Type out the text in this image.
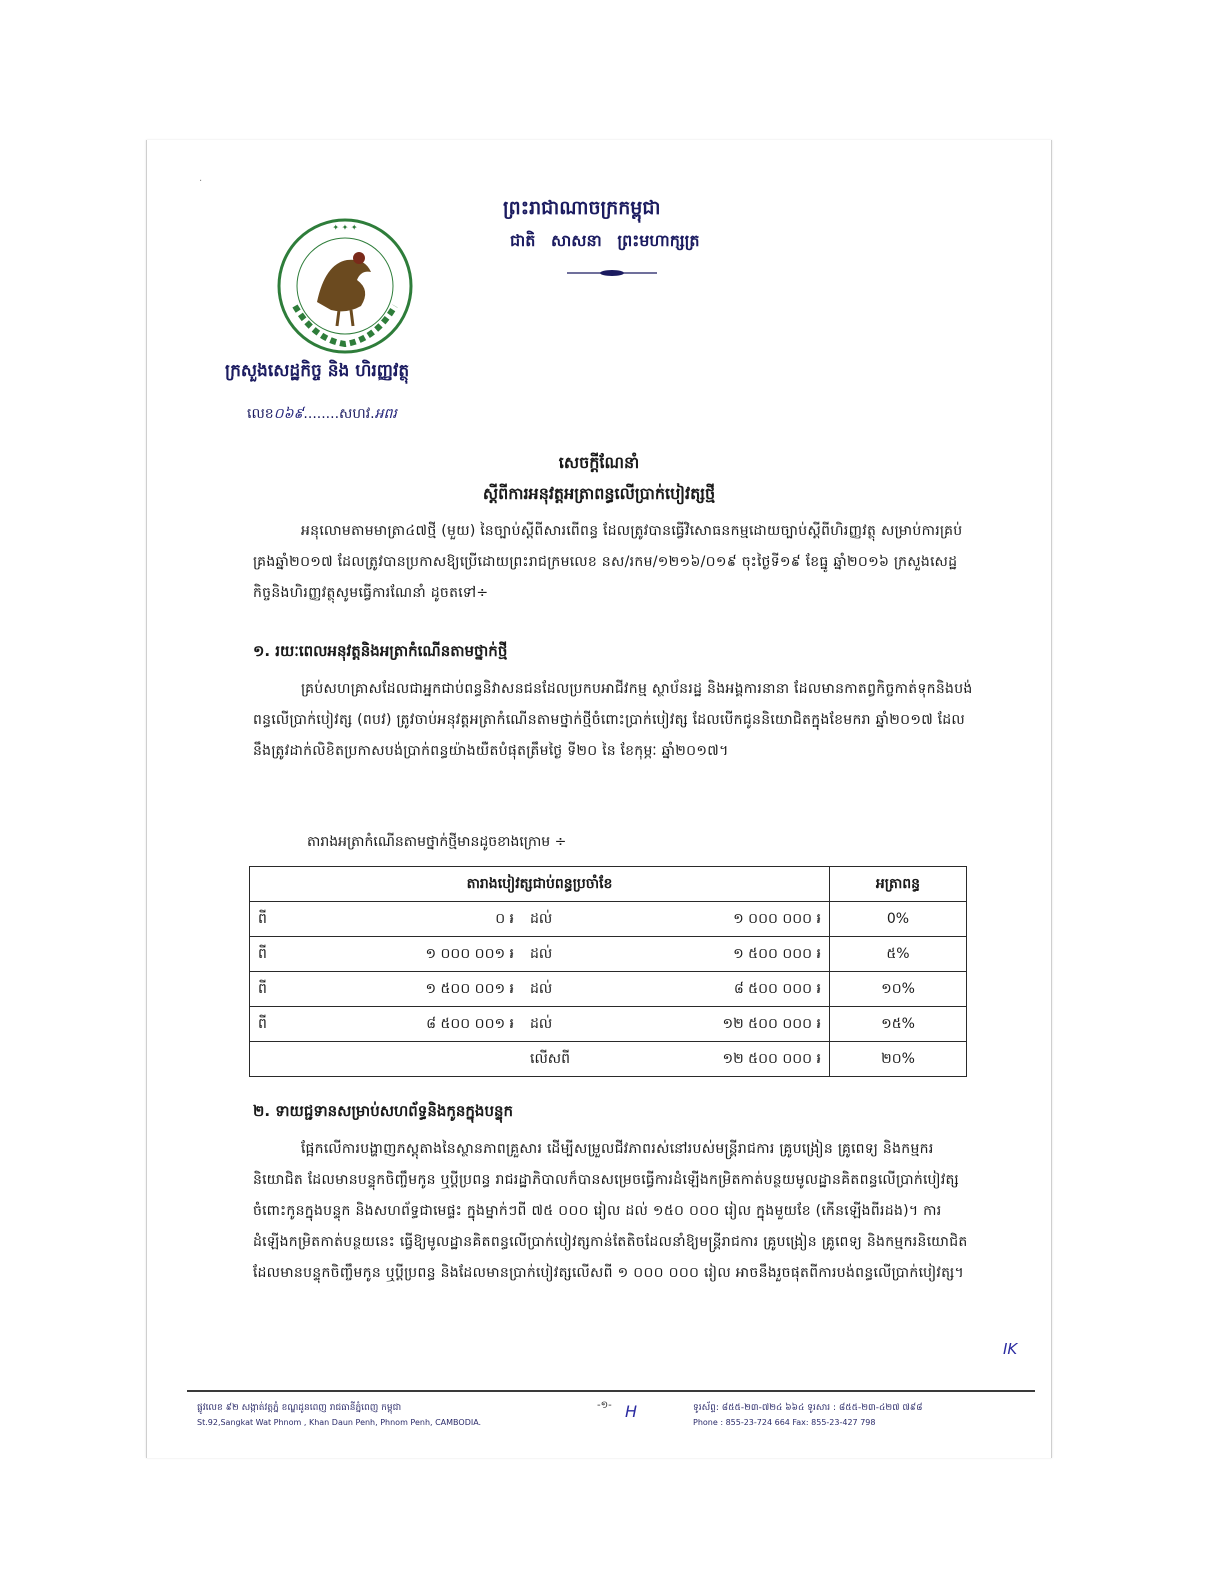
·
ព្រះរាជាណាចក្រកម្ពុជា
ជាតិ សាសនា ព្រះមហាក្សត្រ
✦ ✦ ✦
ក្រសួងសេដ្ឋកិច្ច និង ហិរញ្ញវត្ថុ
លេខ០៦៩........សហវ.អពរ
សេចក្តីណែនាំ
ស្តីពីការអនុវត្តអត្រាពន្ធលើប្រាក់បៀវត្សថ្មី
អនុលោមតាមមាត្រា៤៧ថ្មី (មួយ) នៃច្បាប់ស្តីពីសារពើពន្ធ ដែលត្រូវបានធ្វើវិសោធនកម្មដោយច្បាប់ស្តីពីហិរញ្ញវត្ថុ សម្រាប់ការគ្រប់គ្រងឆ្នាំ២០១៧ ដែលត្រូវបានប្រកាសឱ្យប្រើដោយព្រះរាជក្រមលេខ នស/រកម/១២១៦/០១៩ ចុះថ្ងៃទី១៩ ខែធ្នូ ឆ្នាំ២០១៦ ក្រសួងសេដ្ឋកិច្ចនិងហិរញ្ញវត្ថុសូមធ្វើការណែនាំ ដូចតទៅ÷
១. រយៈពេលអនុវត្តនិងអត្រាកំណើនតាមថ្នាក់ថ្មី
គ្រប់សហគ្រាសដែលជាអ្នកជាប់ពន្ធនិវាសនជនដែលប្រកបអាជីវកម្ម ស្ថាប័នរដ្ឋ និងអង្គការនានា ដែលមានកាតព្វកិច្ចកាត់ទុកនិងបង់ពន្ធលើប្រាក់បៀវត្ស (ពបវ) ត្រូវចាប់អនុវត្តអត្រាកំណើនតាមថ្នាក់ថ្មីចំពោះប្រាក់បៀវត្ស ដែលបើកជូននិយោជិតក្នុងខែមករា ឆ្នាំ២០១៧ ដែលនឹងត្រូវដាក់លិខិតប្រកាសបង់ប្រាក់ពន្ធយ៉ាងយឺតបំផុតត្រឹមថ្ងៃ ទី២០ នៃ ខែកុម្ភៈ ឆ្នាំ២០១៧។
តារាងអត្រាកំណើនតាមថ្នាក់ថ្មីមានដូចខាងក្រោម ÷
តារាងបៀវត្សជាប់ពន្ធប្រចាំខែ				អត្រាពន្ធ
ពី	០ ៛	ដល់	១ ០០០ ០០០ ៛	0%
ពី	១ ០០០ ០០១ ៛	ដល់	១ ៥០០ ០០០ ៛	៥%
ពី	១ ៥០០ ០០១ ៛	ដល់	៨ ៥០០ ០០០ ៛	១០%
ពី	៨ ៥០០ ០០១ ៛	ដល់	១២ ៥០០ ០០០ ៛	១៥%
		លើសពី	១២ ៥០០ ០០០ ៛	២០%
២. ទាយជ្ជទានសម្រាប់សហព័ទ្ធនិងកូនក្នុងបន្ទុក
ផ្អែកលើការបង្ហាញភស្តុតាងនៃស្ថានភាពគ្រួសារ ដើម្បីសម្រួលជីវភាពរស់នៅរបស់មន្ត្រីរាជការ គ្រូបង្រៀន គ្រូពេទ្យ និងកម្មករនិយោជិត ដែលមានបន្ទុកចិញ្ចឹមកូន ឬប្តីប្រពន្ធ រាជរដ្ឋាភិបាលក៏បានសម្រេចធ្វើការដំឡើងកម្រិតកាត់បន្ថយមូលដ្ឋានគិតពន្ធលើប្រាក់បៀវត្សចំពោះកូនក្នុងបន្ទុក និងសហព័ទ្ធជាមេផ្ទះ ក្នុងម្នាក់ៗពី ៧៥ ០០០ រៀល ដល់ ១៥០ ០០០ រៀល ក្នុងមួយខែ (កើនឡើងពីរដង)។ ការដំឡើងកម្រិតកាត់បន្ថយនេះ ធ្វើឱ្យមូលដ្ឋានគិតពន្ធលើប្រាក់បៀវត្សកាន់តែតិចដែលនាំឱ្យមន្ត្រីរាជការ គ្រូបង្រៀន គ្រូពេទ្យ និងកម្មករនិយោជិត ដែលមានបន្ទុកចិញ្ចឹមកូន ឬប្តីប្រពន្ធ និងដែលមានប្រាក់បៀវត្សលើសពី ១ ០០០ ០០០ រៀល អាចនឹងរួចផុតពីការបង់ពន្ធលើប្រាក់បៀវត្ស។
IK
ផ្លូវលេខ ៩២ សង្កាត់វត្តភ្នំ ខណ្ឌដូនពេញ រាជធានីភ្នំពេញ កម្ពុជា
St.92,Sangkat Wat Phnom , Khan Daun Penh, Phnom Penh, CAMBODIA.
-១- H	ទូរស័ព្ទ: ៨៥៥-២៣-៧២៤ ៦៦៤ ទូរសារ : ៨៥៥-២៣-៤២៧ ៧៩៨
Phone : 855-23-724 664 Fax: 855-23-427 798
